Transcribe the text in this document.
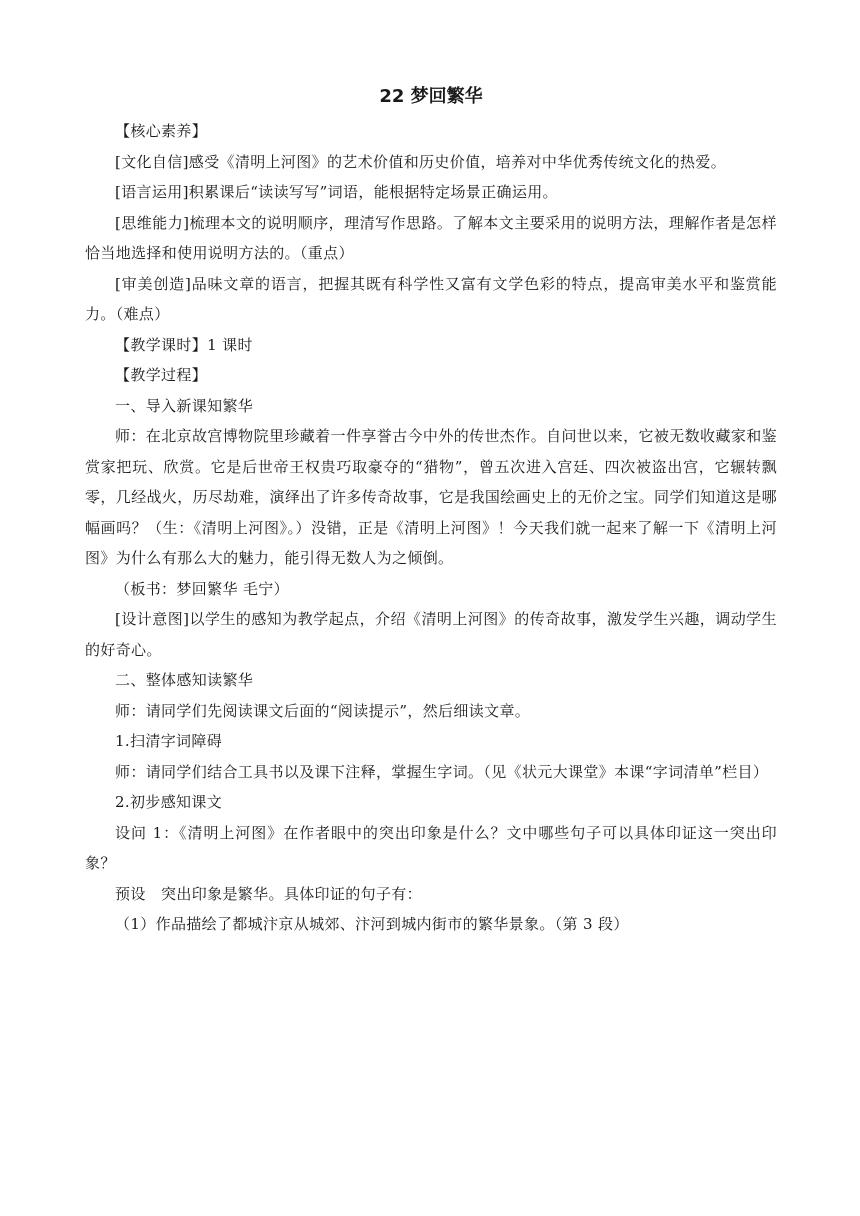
22 梦回繁华

【核心素养】

[文化自信]感受《清明上河图》的艺术价值和历史价值，培养对中华优秀传统文化的热爱。

[语言运用]积累课后“读读写写”词语，能根据特定场景正确运用。

[思维能力]梳理本文的说明顺序，理清写作思路。了解本文主要采用的说明方法，理解作者是怎样恰当地选择和使用说明方法的。（重点）

[审美创造]品味文章的语言，把握其既有科学性又富有文学色彩的特点，提高审美水平和鉴赏能力。（难点）

【教学课时】1 课时

【教学过程】

一、导入新课知繁华

师：在北京故宫博物院里珍藏着一件享誉古今中外的传世杰作。自问世以来，它被无数收藏家和鉴赏家把玩、欣赏。它是后世帝王权贵巧取豪夺的“猎物”，曾五次进入宫廷、四次被盗出宫，它辗转飘零，几经战火，历尽劫难，演绎出了许多传奇故事，它是我国绘画史上的无价之宝。同学们知道这是哪幅画吗？（生：《清明上河图》。）没错，正是《清明上河图》！今天我们就一起来了解一下《清明上河图》为什么有那么大的魅力，能引得无数人为之倾倒。

（板书：梦回繁华 毛宁）

[设计意图]以学生的感知为教学起点，介绍《清明上河图》的传奇故事，激发学生兴趣，调动学生的好奇心。

二、整体感知读繁华

师：请同学们先阅读课文后面的“阅读提示”，然后细读文章。

1.扫清字词障碍

师：请同学们结合工具书以及课下注释，掌握生字词。（见《状元大课堂》本课“字词清单”栏目）

2.初步感知课文

设问 1：《清明上河图》在作者眼中的突出印象是什么？文中哪些句子可以具体印证这一突出印象？

预设　突出印象是繁华。具体印证的句子有：

（1）作品描绘了都城汴京从城郊、汴河到城内街市的繁华景象。（第 3 段）
